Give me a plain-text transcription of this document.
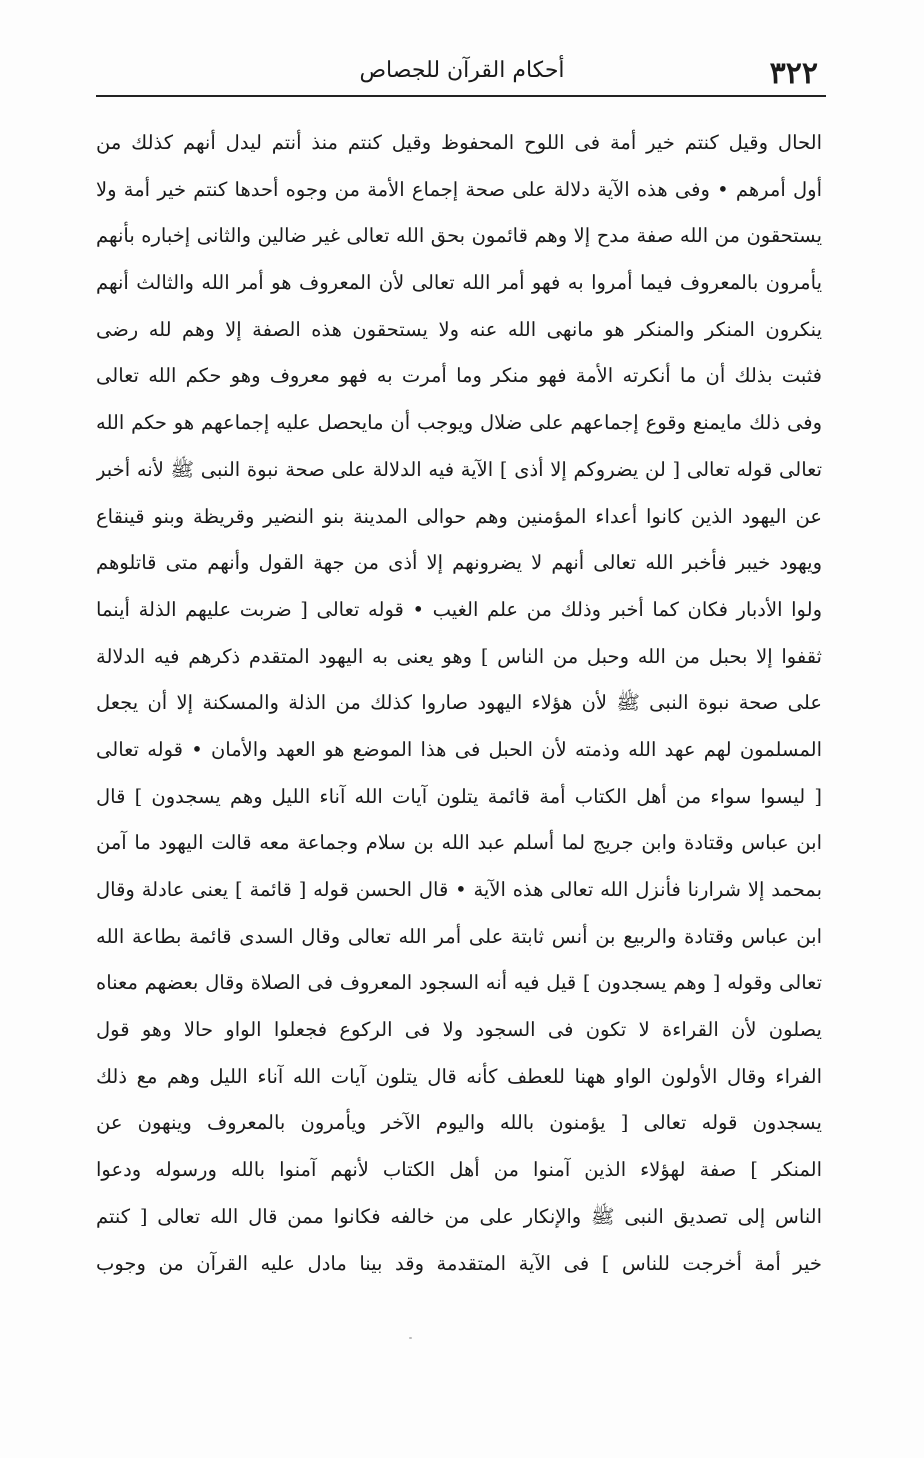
٣٢٢
أحكام القرآن للجصاص
الحال وقيل كنتم خير أمة فى اللوح المحفوظ وقيل كنتم منذ أنتم ليدل أنهم كذلك من
أول أمرهم • وفى هذه الآية دلالة على صحة إجماع الأمة من وجوه أحدها كنتم خير أمة ولا
يستحقون من الله صفة مدح إلا وهم قائمون بحق الله تعالى غير ضالين والثانى إخباره بأنهم
يأمرون بالمعروف فيما أمروا به فهو أمر الله تعالى لأن المعروف هو أمر الله والثالث أنهم
ينكرون المنكر والمنكر هو مانهى الله عنه ولا يستحقون هذه الصفة إلا وهم لله رضى
فثبت بذلك أن ما أنكرته الأمة فهو منكر وما أمرت به فهو معروف وهو حكم الله تعالى
وفى ذلك مايمنع وقوع إجماعهم على ضلال ويوجب أن مايحصل عليه إجماعهم هو حكم الله
تعالى قوله تعالى [ لن يضروكم إلا أذى ] الآية فيه الدلالة على صحة نبوة النبى ﷺ لأنه أخبر
عن اليهود الذين كانوا أعداء المؤمنين وهم حوالى المدينة بنو النضير وقريظة وبنو قينقاع
ويهود خيبر فأخبر الله تعالى أنهم لا يضرونهم إلا أذى من جهة القول وأنهم متى قاتلوهم
ولوا الأدبار فكان كما أخبر وذلك من علم الغيب • قوله تعالى [ ضربت عليهم الذلة أينما
ثقفوا إلا بحبل من الله وحبل من الناس ] وهو يعنى به اليهود المتقدم ذكرهم فيه الدلالة
على صحة نبوة النبى ﷺ لأن هؤلاء اليهود صاروا كذلك من الذلة والمسكنة إلا أن يجعل
المسلمون لهم عهد الله وذمته لأن الحبل فى هذا الموضع هو العهد والأمان • قوله تعالى
[ ليسوا سواء من أهل الكتاب أمة قائمة يتلون آيات الله آناء الليل وهم يسجدون ] قال
ابن عباس وقتادة وابن جريج لما أسلم عبد الله بن سلام وجماعة معه قالت اليهود ما آمن
بمحمد إلا شرارنا فأنزل الله تعالى هذه الآية • قال الحسن قوله [ قائمة ] يعنى عادلة وقال
ابن عباس وقتادة والربيع بن أنس ثابتة على أمر الله تعالى وقال السدى قائمة بطاعة الله
تعالى وقوله [ وهم يسجدون ] قيل فيه أنه السجود المعروف فى الصلاة وقال بعضهم معناه
يصلون لأن القراءة لا تكون فى السجود ولا فى الركوع فجعلوا الواو حالا وهو قول
الفراء وقال الأولون الواو ههنا للعطف كأنه قال يتلون آيات الله آناء الليل وهم مع ذلك
يسجدون قوله تعالى [ يؤمنون بالله واليوم الآخر ويأمرون بالمعروف وينهون عن
المنكر ] صفة لهؤلاء الذين آمنوا من أهل الكتاب لأنهم آمنوا بالله ورسوله ودعوا
الناس إلى تصديق النبى ﷺ والإنكار على من خالفه فكانوا ممن قال الله تعالى [ كنتم
خير أمة أخرجت للناس ] فى الآية المتقدمة وقد بينا مادل عليه القرآن من وجوب
